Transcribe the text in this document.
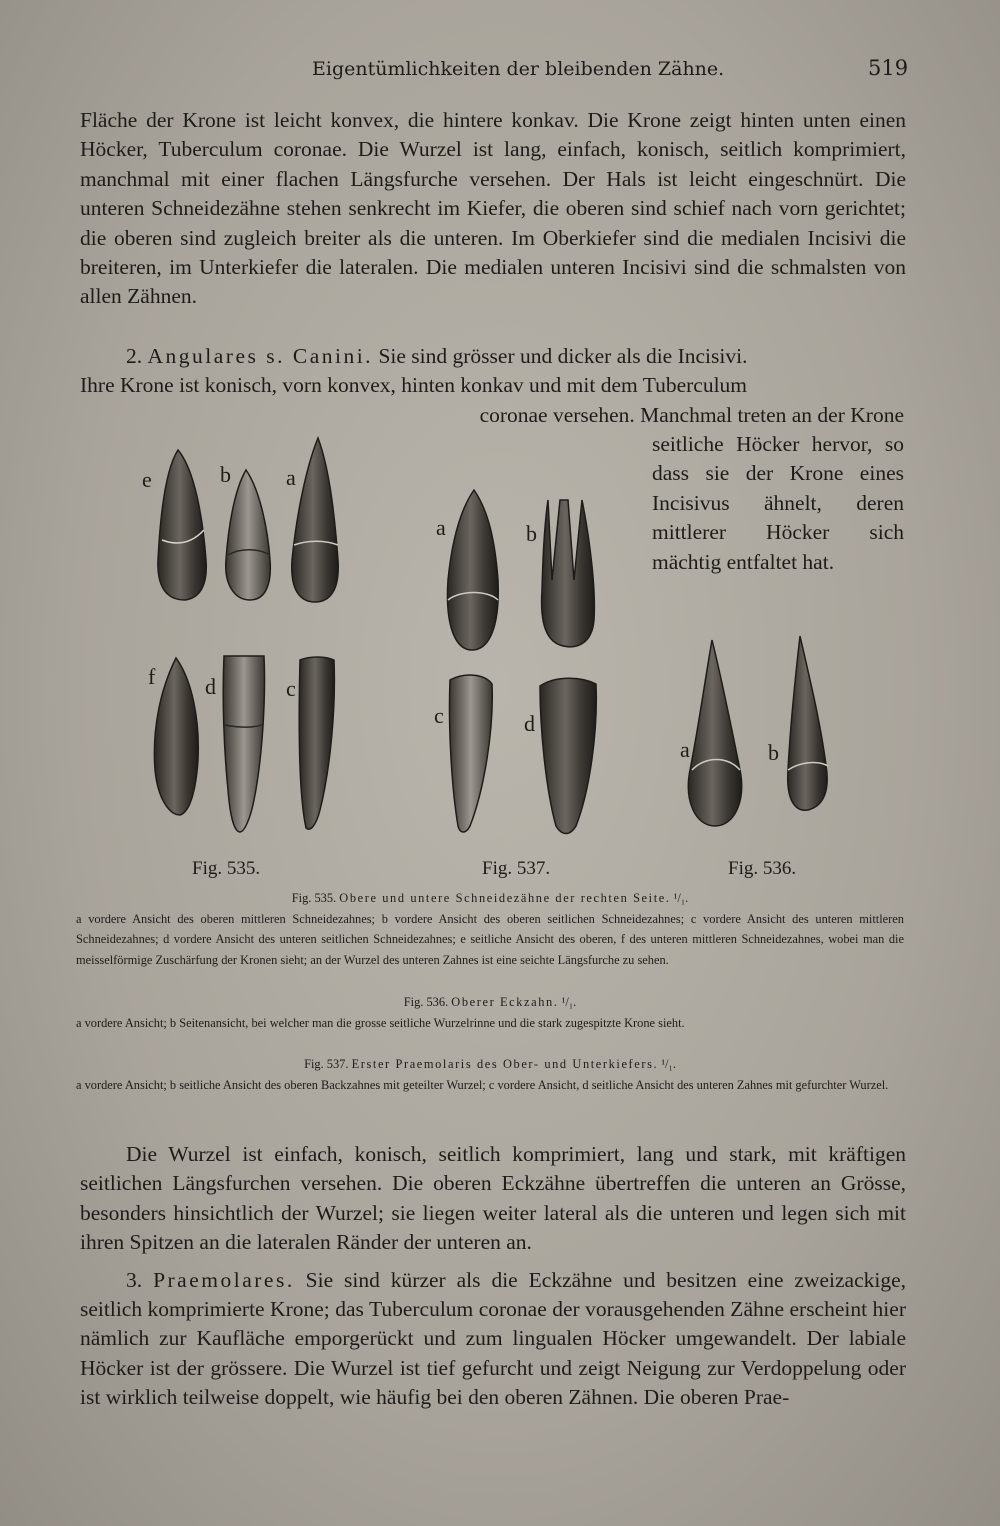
Eigentümlichkeiten der bleibenden Zähne.	519

Fläche der Krone ist leicht konvex, die hintere konkav. Die Krone zeigt hinten unten einen Höcker, Tuberculum coronae. Die Wurzel ist lang, einfach, konisch, seitlich komprimiert, manchmal mit einer flachen Längsfurche versehen. Der Hals ist leicht eingeschnürt. Die unteren Schneidezähne stehen senkrecht im Kiefer, die oberen sind schief nach vorn gerichtet; die oberen sind zugleich breiter als die unteren. Im Oberkiefer sind die medialen Incisivi die breiteren, im Unterkiefer die lateralen. Die medialen unteren Incisivi sind die schmalsten von allen Zähnen.

2. Angulares s. Canini. Sie sind grösser und dicker als die Incisivi.

Ihre Krone ist konisch, vorn konvex, hinten konkav und mit dem Tuberculum

coronae versehen. Manchmal treten an der Krone

seitliche Höcker hervor, so dass sie der Krone eines Incisivus ähnelt, deren mittlerer Höcker sich mächtig entfaltet hat.

e	b	a
f d	c
a	b
c	d
a	b
Fig. 535.	Fig. 537.	Fig. 536.
Fig. 535. Obere und untere Schneidezähne der rechten Seite. ¹/₁.
a vordere Ansicht des oberen mittleren Schneidezahnes; b vordere Ansicht des oberen seitlichen Schneidezahnes; c vordere Ansicht des unteren mittleren Schneidezahnes; d vordere Ansicht des unteren seitlichen Schneidezahnes; e seitliche Ansicht des oberen, f des unteren mittleren Schneidezahnes, wobei man die meisselförmige Zuschärfung der Kronen sieht; an der Wurzel des unteren Zahnes ist eine seichte Längsfurche zu sehen.
Fig. 536. Oberer Eckzahn. ¹/₁.
a vordere Ansicht; b Seitenansicht, bei welcher man die grosse seitliche Wurzelrinne und die stark zugespitzte Krone sieht.
Fig. 537. Erster Praemolaris des Ober- und Unterkiefers. ¹/₁.
a vordere Ansicht; b seitliche Ansicht des oberen Backzahnes mit geteilter Wurzel; c vordere Ansicht, d seitliche Ansicht des unteren Zahnes mit gefurchter Wurzel.

Die Wurzel ist einfach, konisch, seitlich komprimiert, lang und stark, mit kräftigen seitlichen Längsfurchen versehen. Die oberen Eckzähne übertreffen die unteren an Grösse, besonders hinsichtlich der Wurzel; sie liegen weiter lateral als die unteren und legen sich mit ihren Spitzen an die lateralen Ränder der unteren an.

3. Praemolares. Sie sind kürzer als die Eckzähne und besitzen eine zweizackige, seitlich komprimierte Krone; das Tuberculum coronae der vorausgehenden Zähne erscheint hier nämlich zur Kaufläche emporgerückt und zum lingualen Höcker umgewandelt. Der labiale Höcker ist der grössere. Die Wurzel ist tief gefurcht und zeigt Neigung zur Verdoppelung oder ist wirklich teilweise doppelt, wie häufig bei den oberen Zähnen. Die oberen Prae-
